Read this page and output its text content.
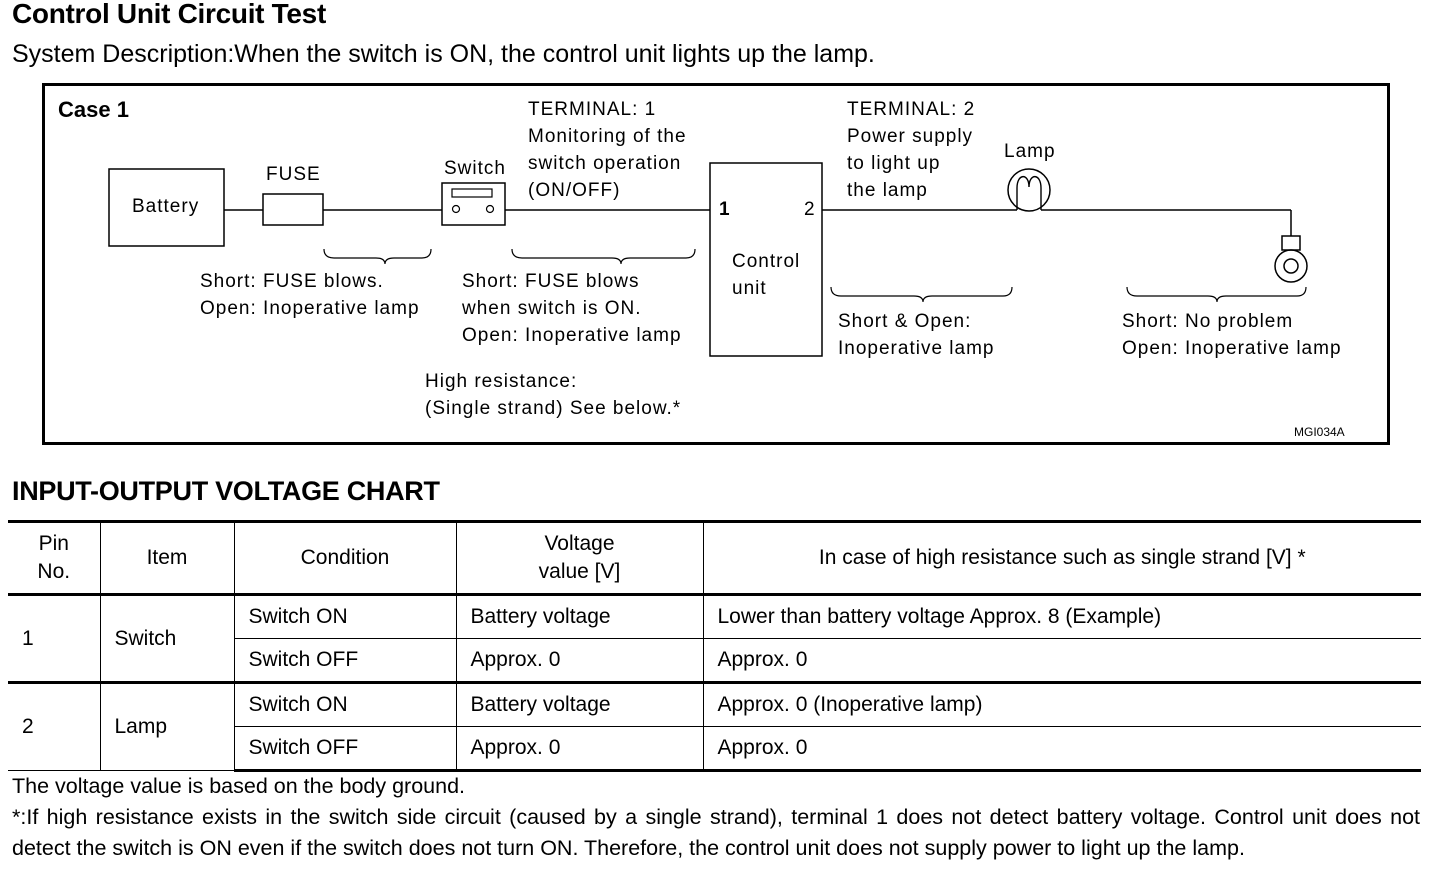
Control Unit Circuit Test
System Description:When the switch is ON, the control unit lights up the lamp.
Case 1
Battery
FUSE	Switch
TERMINAL: 1
Monitoring of the
switch operation
(ON/OFF)
TERMINAL: 2
Power supply
to light up
the lamp
Lamp
Control
unit
1	2
Short: FUSE blows.
Open: Inoperative lamp
Short: FUSE blows
when switch is ON.
Open: Inoperative lamp
High resistance:
(Single strand) See below.*
Short & Open:
Inoperative lamp
Short: No problem
Open: Inoperative lamp
MGI034A
INPUT-OUTPUT VOLTAGE CHART
Pin
No.	Item	Condition	Voltage
value [V]	In case of high resistance such as single strand [V] *
1	Switch	Switch ON	Battery voltage	Lower than battery voltage Approx. 8 (Example)
		Switch OFF	Approx. 0	Approx. 0
2	Lamp	Switch ON	Battery voltage	Approx. 0 (Inoperative lamp)
		Switch OFF	Approx. 0	Approx. 0

The voltage value is based on the body ground.

*:If high resistance exists in the switch side circuit (caused by a single strand), terminal 1 does not detect battery voltage. Control unit does not detect the switch is ON even if the switch does not turn ON. Therefore, the control unit does not supply power to light up the lamp.
